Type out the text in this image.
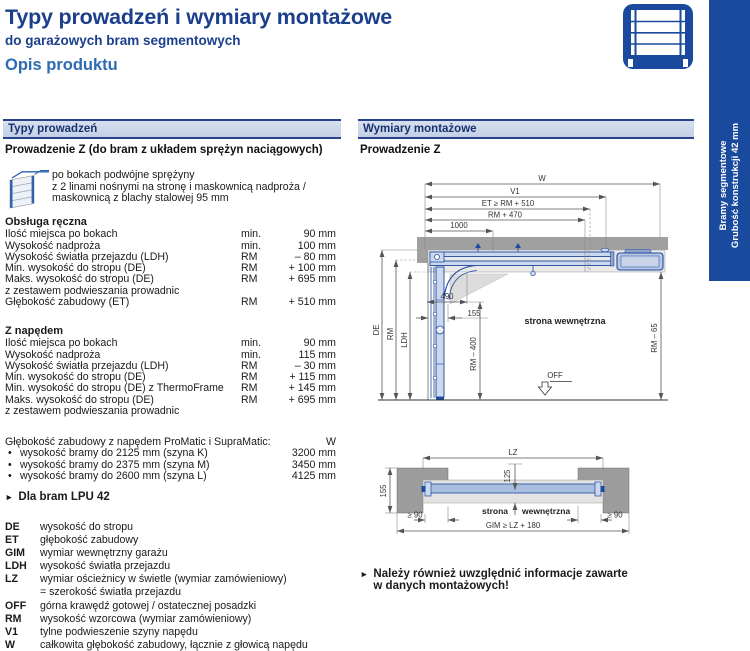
Typy prowadzeń i wymiary montażowe
do garażowych bram segmentowych
Opis produktu
Bramy segmentowe Grubość konstrukcji 42 mm
Typy prowadzeń
Prowadzenie Z (do bram z układem sprężyn naciągowych)
po bokach podwójne sprężyny
z 2 linami nośnymi na stronę i maskownicą nadproża /
maskownicą z blachy stalowej 95 mm
Obsługa ręczna
Ilość miejsca po bokach	min.	90 mm
Wysokość nadproża	min.	100 mm
Wysokość światła przejazdu (LDH)	RM	– 80 mm
Min. wysokość do stropu (DE)	RM	+ 100 mm
Maks. wysokość do stropu (DE)	RM	+ 695 mm
z zestawem podwieszania prowadnic
Głębokość zabudowy (ET)	RM	+ 510 mm
Z napędem
Ilość miejsca po bokach	min.	90 mm
Wysokość nadproża	min.	115 mm
Wysokość światła przejazdu (LDH)	RM	– 30 mm
Min. wysokość do stropu (DE)	RM	+ 115 mm
Min. wysokość do stropu (DE) z ThermoFrame	RM	+ 145 mm
Maks. wysokość do stropu (DE)	RM	+ 695 mm
z zestawem podwieszania prowadnic
Głębokość zabudowy z napędem ProMatic i SupraMatic:	W
• wysokość bramy do 2125 mm (szyna K)	3200 mm
• wysokość bramy do 2375 mm (szyna M)	3450 mm
• wysokość bramy do 2600 mm (szyna L)	4125 mm
► Dla bram LPU 42
DE	wysokość do stropu
ET	głębokość zabudowy
GIM	wymiar wewnętrzny garażu
LDH	wysokość światła przejazdu
LZ	wymiar ościeżnicy w świetle (wymiar zamówieniowy)
= szerokość światła przejazdu
OFF	górna krawędź gotowej / ostatecznej posadzki
RM	wysokość wzorcowa (wymiar zamówieniowy)
V1	tylne podwieszenie szyny napędu
W	całkowita głębokość zabudowy, łącznie z głowicą napędu
Wymiary montażowe
Prowadzenie Z
W
V1
ET ≥ RM + 510
RM + 470
1000
DE RM LDH
490
155
RM – 400	RM – 65
strona wewnętrzna
OFF
LZ
125
155
≥ 90	≥ 90
GIM ≥ LZ + 180
strona wewnętrzna
► Należy również uwzględnić informacje zawarte
w danych montażowych!
